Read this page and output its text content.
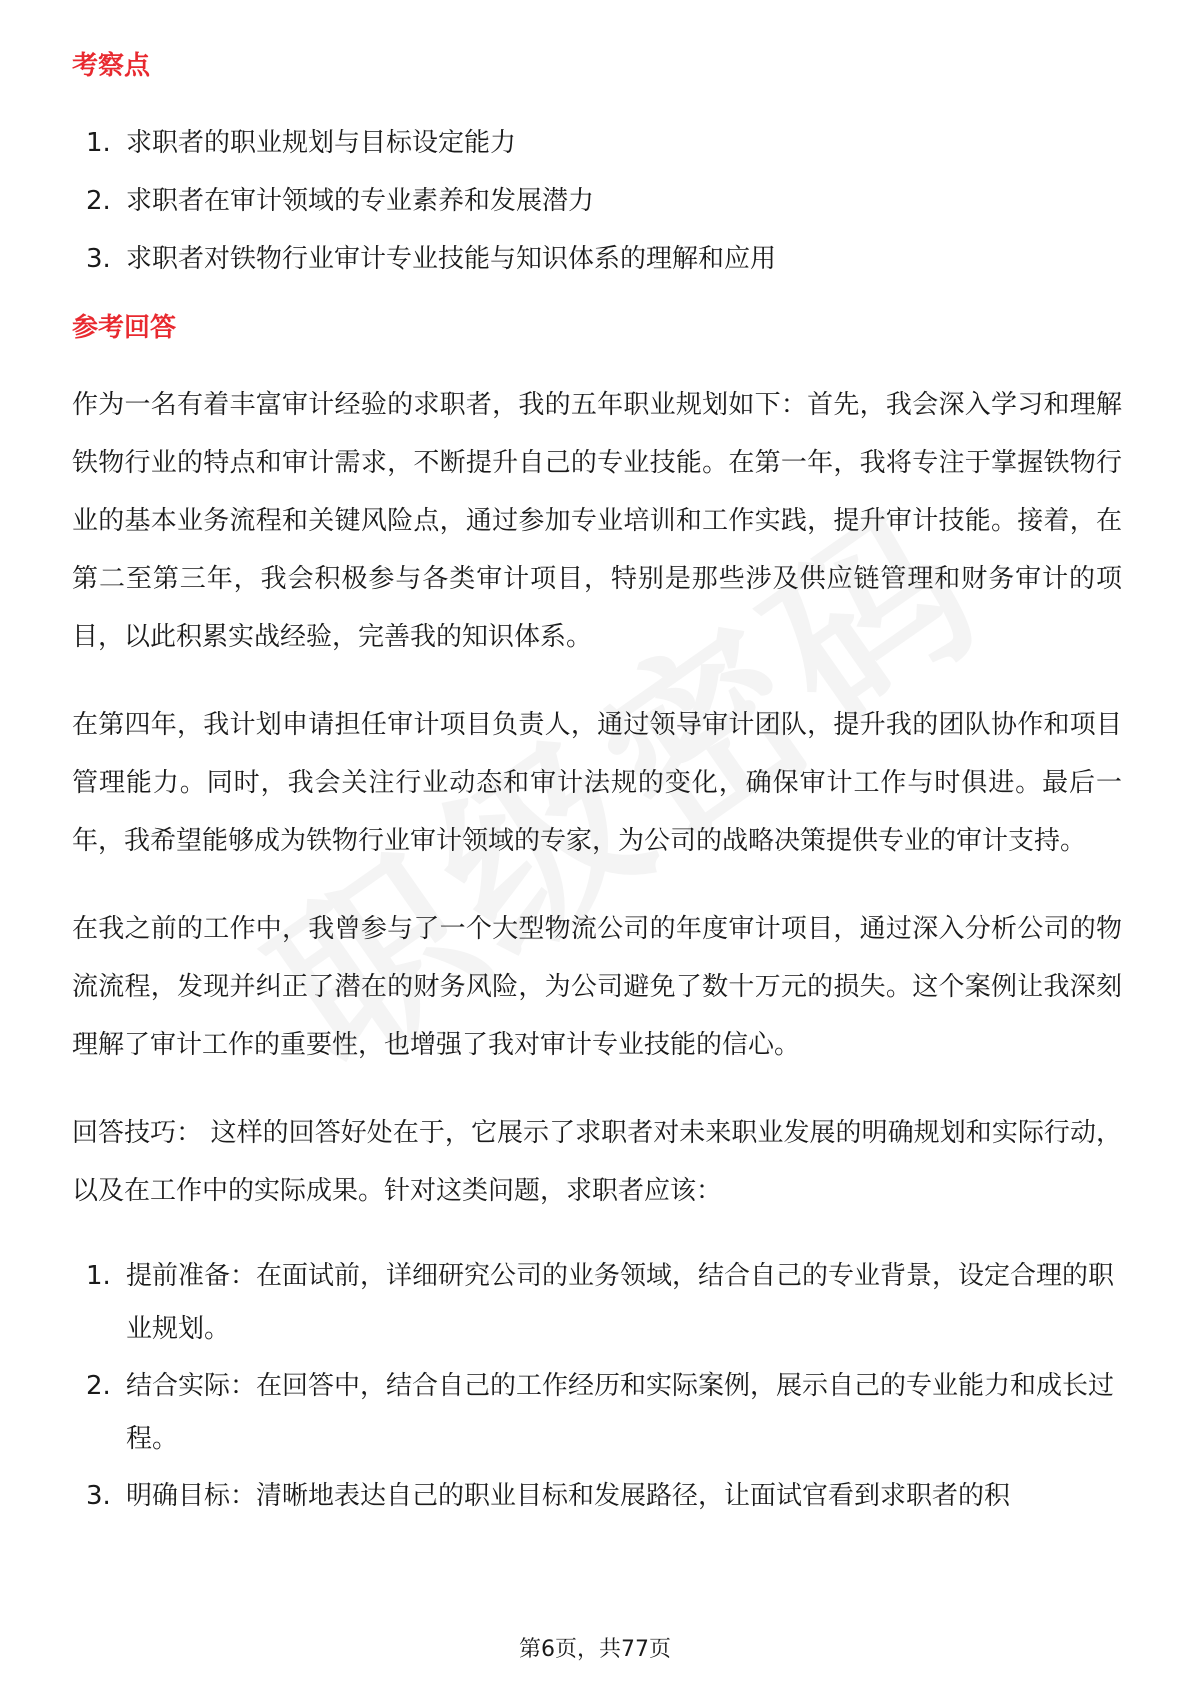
考察点
1. 求职者的职业规划与目标设定能力
2. 求职者在审计领域的专业素养和发展潜力
3. 求职者对铁物行业审计专业技能与知识体系的理解和应用
参考回答

作为一名有着丰富审计经验的求职者，我的五年职业规划如下：首先，我会深入学习和理解铁物行业的特点和审计需求，不断提升自己的专业技能。在第一年，我将专注于掌握铁物行业的基本业务流程和关键风险点，通过参加专业培训和工作实践，提升审计技能。接着，在第二至第三年，我会积极参与各类审计项目，特别是那些涉及供应链管理和财务审计的项目，以此积累实战经验，完善我的知识体系。

在第四年，我计划申请担任审计项目负责人，通过领导审计团队，提升我的团队协作和项目管理能力。同时，我会关注行业动态和审计法规的变化，确保审计工作与时俱进。最后一年，我希望能够成为铁物行业审计领域的专家，为公司的战略决策提供专业的审计支持。

在我之前的工作中，我曾参与了一个大型物流公司的年度审计项目，通过深入分析公司的物流流程，发现并纠正了潜在的财务风险，为公司避免了数十万元的损失。这个案例让我深刻理解了审计工作的重要性，也增强了我对审计专业技能的信心。

回答技巧： 这样的回答好处在于，它展示了求职者对未来职业发展的明确规划和实际行动，以及在工作中的实际成果。针对这类问题，求职者应该：

1. 提前准备：在面试前，详细研究公司的业务领域，结合自己的专业背景，设定合理的职业规划。
2. 结合实际：在回答中，结合自己的工作经历和实际案例，展示自己的专业能力和成长过程。
3. 明确目标：清晰地表达自己的职业目标和发展路径，让面试官看到求职者的积
第6页，共77页
